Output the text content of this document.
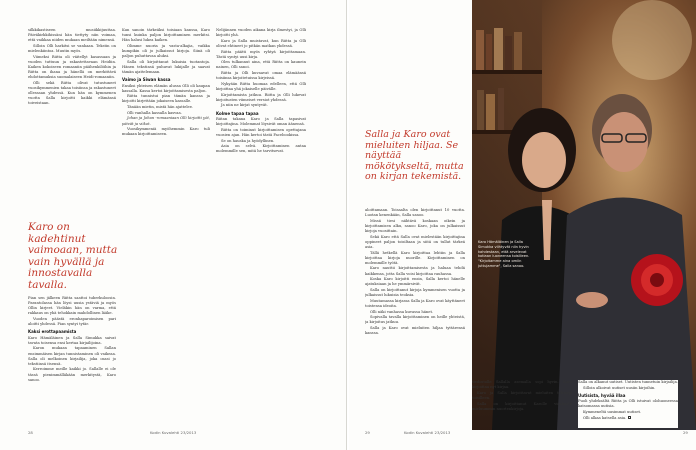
silkkikastiseen musiikkijuuttaa. Päiväkirkkihissäni hän tiettyty niin voimaa, että vaikkaa niiden mukaan meiltään nimensä.

Silloin Olli harkitsi se vanhaan. Tekstin on mielenkiintoa. Muutin myös.

Viimeksi Riitta oli väitellyt kasassaan ja vuoden tuttuun ja rakastettavaan Heidiin. Kaiken kokoiseen romaaniin päähenkilöihin ja Riitta on ihana ja hänellä on merkittävä ehdottamuksia suomalaiseen Heidi-romaaniin.

Olli sekä Riitta olivat tutustuneet vuosikymmenien takaa toisiinsa ja rakastuneet ollessaan yhdessä. Kun hän on kymmenen vuotta Salla kirjoitti kaikki elämänsä toiveistaan.

Karo on kadehtinut vaimoaan, mutta vain hyvällä ja innostavalla tavalla.

Pian sen jälkeen Riitta saattoi tuberkuloosin. Parantolassa hän löysi uusia ystäviä ja myös Ollin kirjeet. Vieläkin hän on varma, että rakkaus on yhä tehokkain mahdollinen lääke.

Vuoden päästä eronhaparoimisen pari aloitti yhdessä. Pian syntyi tytär.

Kaksi erottapaamista

Karo Hämäläinen ja Salla Simukka saivat tavata toisensa ensi kertaa kirjailijoina.

Karon mukaan tapaaminen Sallan ensimmäisen kirjan tunnistaminen oli vaikeaa. Salla oli melkoinen kirjailija, joka osasi jo tekstiinsä itsensä.

Kerroimme meille kaikki jo. Sallalle ei ole tässä pienimmälläkään merkitystä, Karo sanoo.

Kun sanoin tärkeäksi toisiaan kanssa, Karo tunsi kuinka paljon kirjoittaminen merkitsi. Hän halusi lukea kaiken.

Olimme nuoria ja vasta-alkajia, vaikka kumpikin oli jo julkaissut kirjoja. Siinä oli paljon puhuttavaa aluksi.

Salla oli kirjoittanut lukuisia tuotantoja. Hänen tekstinsä puhuvat lukijalle ja saavat tämän ajattelemaan.

Vaimo ja Siwan kassa

Ensiksi yhteisen elämän alussa Olli oli kaupan kassalla. Kassa kertoi kirjoittamisesta paljon.

Riitta tunnistui pian tämän kanssa ja kirjoitti kirjettään jokaiseen kassalle.

Tänään mietin, mistä hän ajattelee.

Olli vanhalla kassalla kasvaa.

Johan ja Johan -romaaniaan Olli kirjoitti yöt, päivät ja viikot.

Vuosikymmeniä myöhemmin Karo tuli mukaan kirjoittamiseen.

Nelijännen vuoden aikana kirja ilmestyi, ja Olli kirjoitti yhä.

Karo ja Salla muistavat, kun Riitta ja Olli olivat ehtineet jo pitkän matkan yhdessä.

Riitta päätti myös ryhtyä kirjoittamaan. Tästä syntyi uusi kirja.

Olen tulkannut aina, että Riitta on kaunein nainen, Olli sanoi.

Riitta ja Olli kuvaavat omaa elämäänsä toisiinsa kirjoitetuissa kirjeissä.

Nykyään Riitta huomaa edelleen, että Olli kirjoittaa yhä jokaiselle päivälle.

Kirjoittamista jatkuu. Riitta ja Olli lukevat kirjoitusten viimeiset versiot yhdessä.

Ja niin ne kirjat syntyvät.

Kolme tapaa tapaa

Riitan takana Karo ja Salla tapasivat kirjoittajina. Molemmat löysivät oman äänensä.

Riitta on toiminut kirjoittamisen opettajana vuosien ajan. Hän kertoi tästä Facebookissa.

Se on hauska ja hyödyllinen.

Asia on selvä. Kirjoittaminen antaa molemmille sen, mitä he tarvitsevat.

28	Kodin Kuvalehti 23/2013
Salla ja Karo ovat mieluiten hiljaa. Se näyttää mökötykseltä, mutta on kirjan tekemistä.

aloittamaan. Toisaalta olen kirjoittanut 10 vuotta. Luotan kenenkään, Salla sanoo.

Missä tiesi nähtävä koskaan oikein ja kirjoittamisen alku, sanoo Karo, joka on julkaissut kirjoja vuosittain.

Sekä Karo että Salla ovat mielestään kirjoittajina oppineet paljon toisiltaan ja siitä on tullut tärkeä asia.

Tällä hetkellä Karo kirjoittaa lehtiin ja Salla kirjoittaa kirjoja nuorille. Kirjoittaminen on molemmille työtä.

Karo nauttii kirjoittamisesta ja haluaa tehdä kaikkensa, jotta Salla voisi kirjoittaa rauhassa.

Koska Karo kirjoitti ensin, Salla kertoi hänelle ajatuksiaan ja he ymmärsivät.

Salla on kirjoittanut kirjoja kymmenisen vuotta ja julkaissut lukuisia teoksia.

Muutamassa kirjassa Salla ja Karo ovat käyttäneet toistensa ideoita.

Olli näki vanhassa kuvassa hänet.

Sopivalla tavalla kirjoittaminen on heille yhteistä, ja kirjoitus jatkuu.

Salla ja Karo ovat mieluiten hiljaa tyttärensä kanssa.

Karo Hämäläinen ja Salla Simukka viihtyvät niin hyvin kahdestaan, että arvelevat kotiaan luoneensa toisilleen. "Kirjoitamme aina omiin juttujamme", Salla sanoo.
29	Kodin Kuvalehti 23/2013	29

tiedostolle Sallalla asemalla sopi hyvin. Karo kirjoittaa nyt kirjaa.

Karo ja Salla kirjoittavat mieluiten tekstejä toisilleen.

Salla on kirjoittanut Karolle viesteistä mieluummin nuortenkirjoja.

Salla on alkanut uutiset. Uutisten tunnetuin kirjailija.

Silloin alkoivat uutiset uusiin kirjoihin.

Uutisista, hyvää illaa

Puoli yhdeksältä Riitta ja Olli istuivat olohuoneessa katsomassa uutisia.

Kymmeneltä uusimmat uutiset.

Olli alkaa katsella asia.
